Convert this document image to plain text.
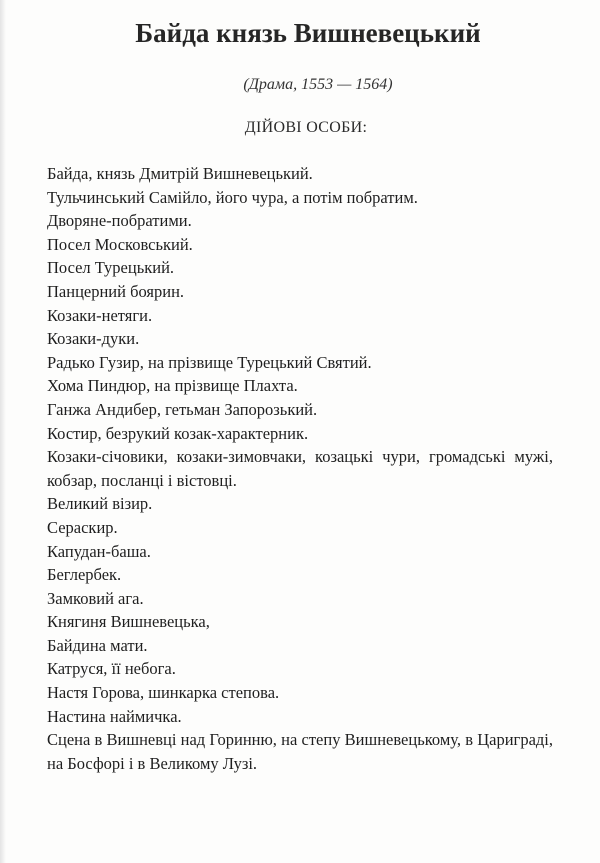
Байда князь Вишневецький
(Драма, 1553 — 1564)
ДІЙОВІ ОСОБИ:

Байда, князь Дмитрій Вишневецький.

Тульчинський Самійло, його чура, а потім побратим.

Дворяне-побратими.

Посел Московський.

Посел Турецький.

Панцерний боярин.

Козаки-нетяги.

Козаки-дуки.

Радько Гузир, на прізвище Турецький Святий.

Хома Пиндюр, на прізвище Плахта.

Ганжа Андибер, гетьман Запорозький.

Костир, безрукий козак-характерник.

Козаки-січовики, козаки-зимовчаки, козацькі чури, громадські мужі, кобзар, посланці і вістовці.

Великий візир.

Сераскир.

Капудан-баша.

Беглербек.

Замковий ага.

Княгиня Вишневецька,

Байдина мати.

Катруся, її небога.

Настя Горова, шинкарка степова.

Настина наймичка.

Сцена в Вишневці над Горинню, на степу Вишневецькому, в Цариграді, на Босфорі і в Великому Лузі.
